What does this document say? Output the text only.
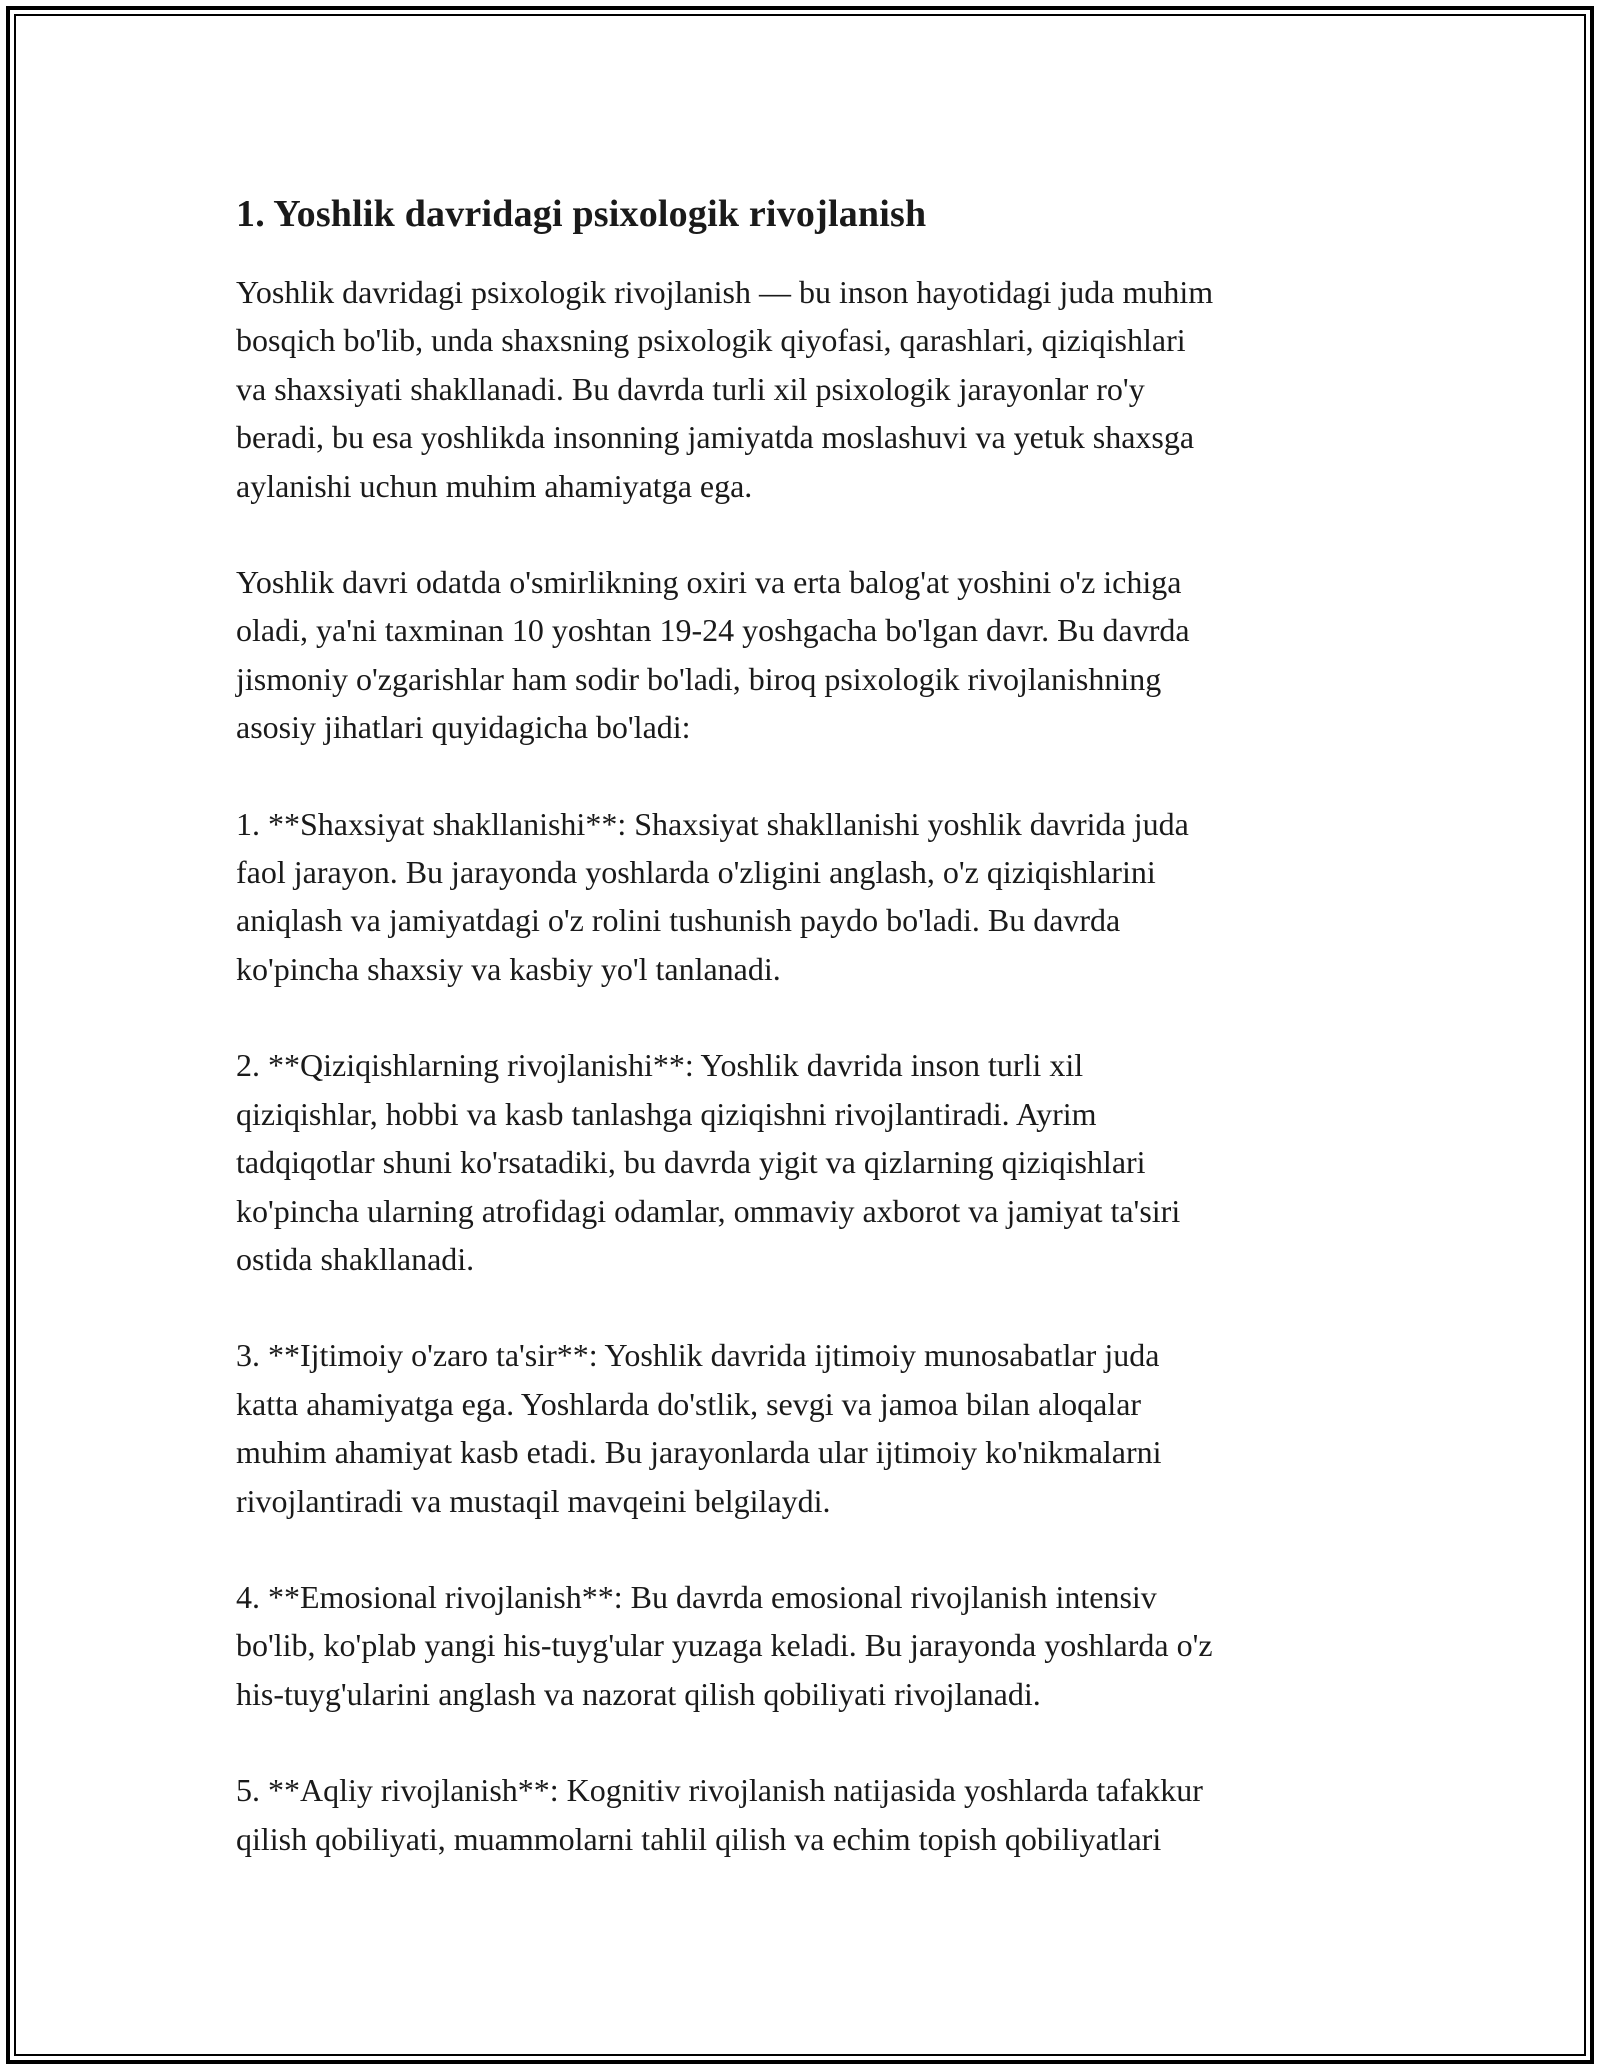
1. Yoshlik davridagi psixologik rivojlanish

Yoshlik davridagi psixologik rivojlanish — bu inson hayotidagi juda muhim
bosqich bo'lib, unda shaxsning psixologik qiyofasi, qarashlari, qiziqishlari
va shaxsiyati shakllanadi. Bu davrda turli xil psixologik jarayonlar ro'y
beradi, bu esa yoshlikda insonning jamiyatda moslashuvi va yetuk shaxsga
aylanishi uchun muhim ahamiyatga ega.

Yoshlik davri odatda o'smirlikning oxiri va erta balog'at yoshini o'z ichiga
oladi, ya'ni taxminan 10 yoshtan 19-24 yoshgacha bo'lgan davr. Bu davrda
jismoniy o'zgarishlar ham sodir bo'ladi, biroq psixologik rivojlanishning
asosiy jihatlari quyidagicha bo'ladi:

1. **Shaxsiyat shakllanishi**: Shaxsiyat shakllanishi yoshlik davrida juda
faol jarayon. Bu jarayonda yoshlarda o'zligini anglash, o'z qiziqishlarini
aniqlash va jamiyatdagi o'z rolini tushunish paydo bo'ladi. Bu davrda
ko'pincha shaxsiy va kasbiy yo'l tanlanadi.

2. **Qiziqishlarning rivojlanishi**: Yoshlik davrida inson turli xil
qiziqishlar, hobbi va kasb tanlashga qiziqishni rivojlantiradi. Ayrim
tadqiqotlar shuni ko'rsatadiki, bu davrda yigit va qizlarning qiziqishlari
ko'pincha ularning atrofidagi odamlar, ommaviy axborot va jamiyat ta'siri
ostida shakllanadi.

3. **Ijtimoiy o'zaro ta'sir**: Yoshlik davrida ijtimoiy munosabatlar juda
katta ahamiyatga ega. Yoshlarda do'stlik, sevgi va jamoa bilan aloqalar
muhim ahamiyat kasb etadi. Bu jarayonlarda ular ijtimoiy ko'nikmalarni
rivojlantiradi va mustaqil mavqeini belgilaydi.

4. **Emosional rivojlanish**: Bu davrda emosional rivojlanish intensiv
bo'lib, ko'plab yangi his-tuyg'ular yuzaga keladi. Bu jarayonda yoshlarda o'z
his-tuyg'ularini anglash va nazorat qilish qobiliyati rivojlanadi.

5. **Aqliy rivojlanish**: Kognitiv rivojlanish natijasida yoshlarda tafakkur
qilish qobiliyati, muammolarni tahlil qilish va echim topish qobiliyatlari
